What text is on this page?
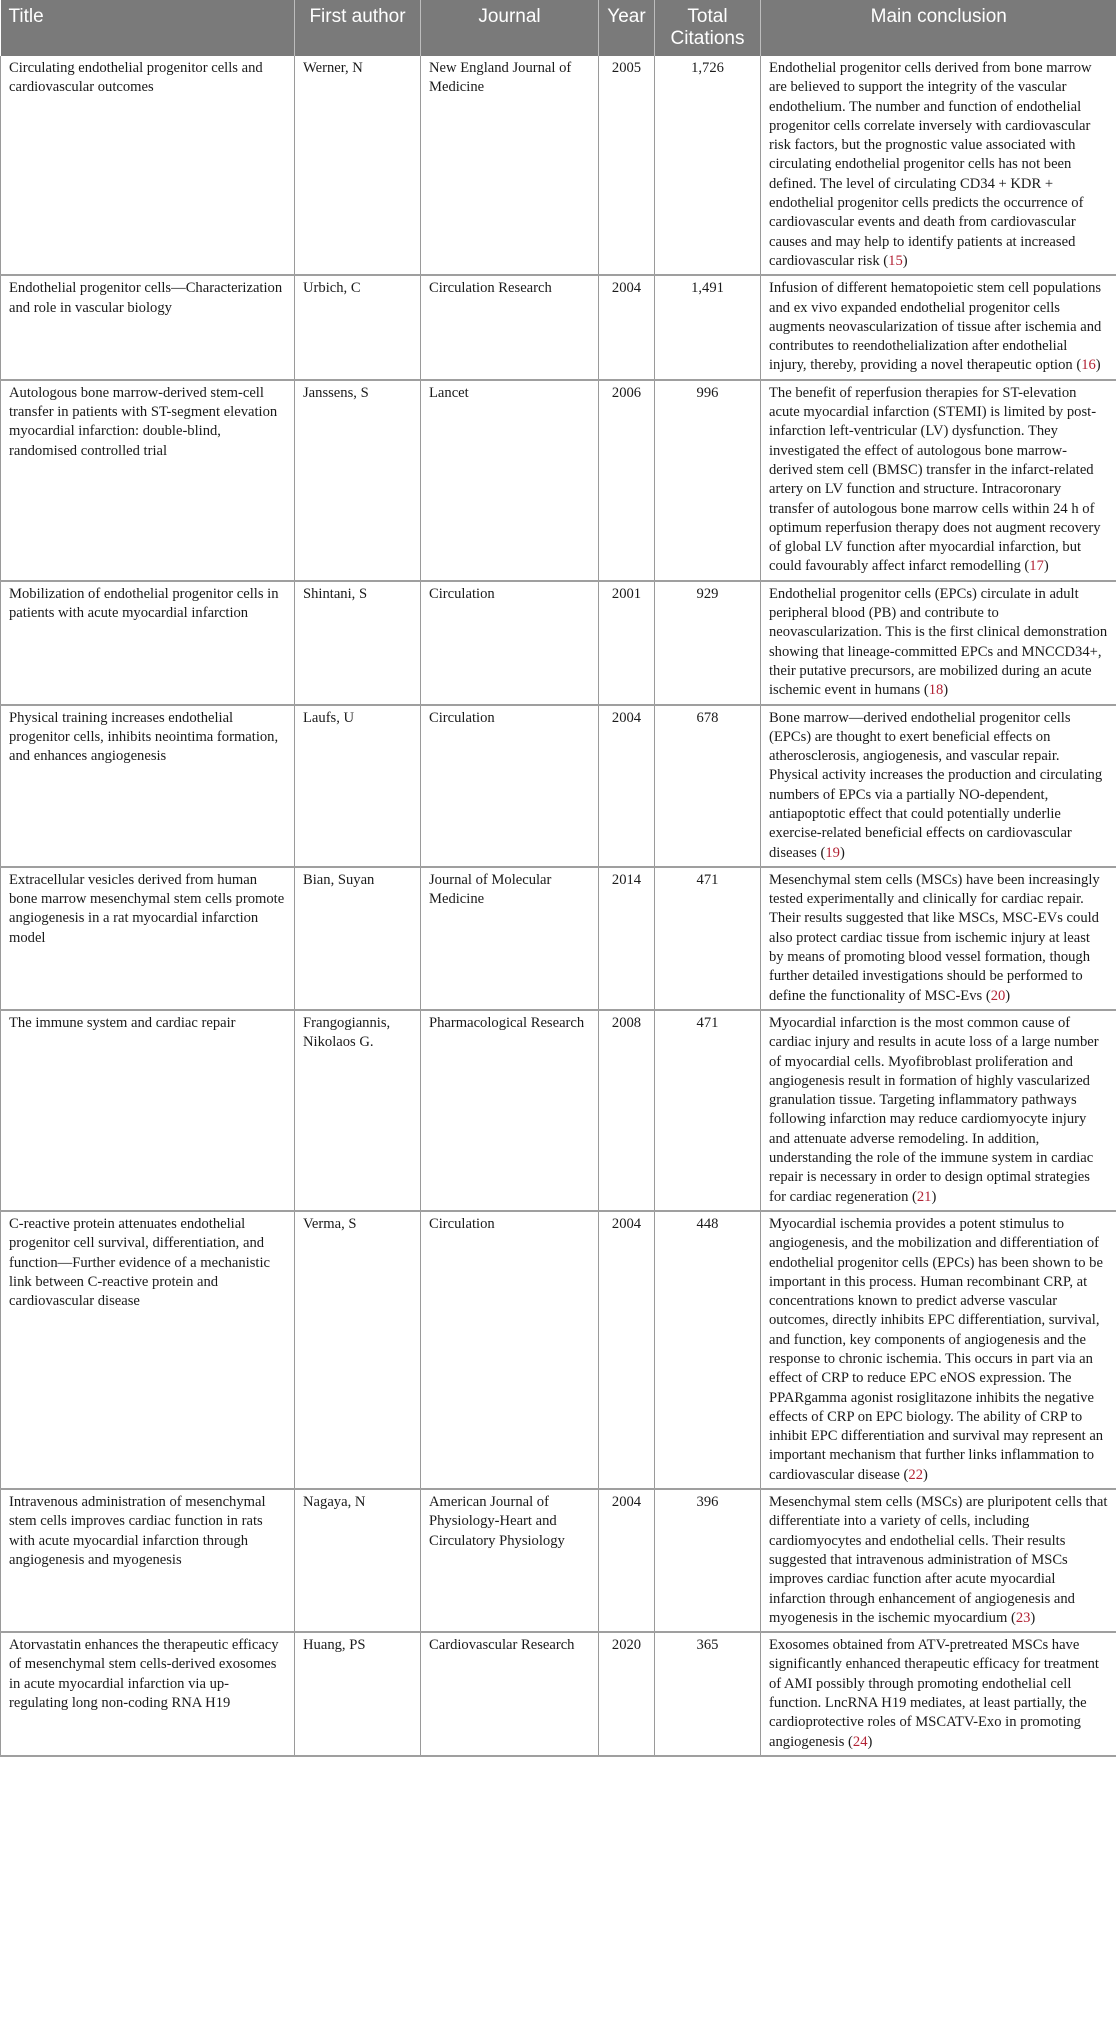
Title	First author	Journal	Year	Total Citations	Main conclusion
Circulating endothelial progenitor cells and cardiovascular outcomes	Werner, N	New England Journal of Medicine	2005	1,726	Endothelial progenitor cells derived from bone marrow are believed to support the integrity of the vascular endothelium. The number and function of endothelial progenitor cells correlate inversely with cardiovascular risk factors, but the prognostic value associated with circulating endothelial progenitor cells has not been defined. The level of circulating CD34 + KDR + endothelial progenitor cells predicts the occurrence of cardiovascular events and death from cardiovascular causes and may help to identify patients at increased cardiovascular risk (15)
Endothelial progenitor cells—Characterization and role in vascular biology	Urbich, C	Circulation Research	2004	1,491	Infusion of different hematopoietic stem cell populations and ex vivo expanded endothelial progenitor cells augments neovascularization of tissue after ischemia and contributes to reendothelialization after endothelial injury, thereby, providing a novel therapeutic option (16)
Autologous bone marrow-derived stem-cell transfer in patients with ST-segment elevation myocardial infarction: double-blind, randomised controlled trial	Janssens, S	Lancet	2006	996	The benefit of reperfusion therapies for ST-elevation acute myocardial infarction (STEMI) is limited by post-infarction left-ventricular (LV) dysfunction. They investigated the effect of autologous bone marrow-derived stem cell (BMSC) transfer in the infarct-related artery on LV function and structure. Intracoronary transfer of autologous bone marrow cells within 24 h of optimum reperfusion therapy does not augment recovery of global LV function after myocardial infarction, but could favourably affect infarct remodelling (17)
Mobilization of endothelial progenitor cells in patients with acute myocardial infarction	Shintani, S	Circulation	2001	929	Endothelial progenitor cells (EPCs) circulate in adult peripheral blood (PB) and contribute to neovascularization. This is the first clinical demonstration showing that lineage-committed EPCs and MNCCD34+, their putative precursors, are mobilized during an acute ischemic event in humans (18)
Physical training increases endothelial progenitor cells, inhibits neointima formation, and enhances angiogenesis	Laufs, U	Circulation	2004	678	Bone marrow—derived endothelial progenitor cells (EPCs) are thought to exert beneficial effects on atherosclerosis, angiogenesis, and vascular repair. Physical activity increases the production and circulating numbers of EPCs via a partially NO-dependent, antiapoptotic effect that could potentially underlie exercise-related beneficial effects on cardiovascular diseases (19)
Extracellular vesicles derived from human bone marrow mesenchymal stem cells promote angiogenesis in a rat myocardial infarction model	Bian, Suyan	Journal of Molecular Medicine	2014	471	Mesenchymal stem cells (MSCs) have been increasingly tested experimentally and clinically for cardiac repair. Their results suggested that like MSCs, MSC-EVs could also protect cardiac tissue from ischemic injury at least by means of promoting blood vessel formation, though further detailed investigations should be performed to define the functionality of MSC-Evs (20)
The immune system and cardiac repair	Frangogiannis, Nikolaos G.	Pharmacological Research	2008	471	Myocardial infarction is the most common cause of cardiac injury and results in acute loss of a large number of myocardial cells. Myofibroblast proliferation and angiogenesis result in formation of highly vascularized granulation tissue. Targeting inflammatory pathways following infarction may reduce cardiomyocyte injury and attenuate adverse remodeling. In addition, understanding the role of the immune system in cardiac repair is necessary in order to design optimal strategies for cardiac regeneration (21)
C-reactive protein attenuates endothelial progenitor cell survival, differentiation, and function—Further evidence of a mechanistic link between C-reactive protein and cardiovascular disease	Verma, S	Circulation	2004	448	Myocardial ischemia provides a potent stimulus to angiogenesis, and the mobilization and differentiation of endothelial progenitor cells (EPCs) has been shown to be important in this process. Human recombinant CRP, at concentrations known to predict adverse vascular outcomes, directly inhibits EPC differentiation, survival, and function, key components of angiogenesis and the response to chronic ischemia. This occurs in part via an effect of CRP to reduce EPC eNOS expression. The PPARgamma agonist rosiglitazone inhibits the negative effects of CRP on EPC biology. The ability of CRP to inhibit EPC differentiation and survival may represent an important mechanism that further links inflammation to cardiovascular disease (22)
Intravenous administration of mesenchymal stem cells improves cardiac function in rats with acute myocardial infarction through angiogenesis and myogenesis	Nagaya, N	American Journal of Physiology-Heart and Circulatory Physiology	2004	396	Mesenchymal stem cells (MSCs) are pluripotent cells that differentiate into a variety of cells, including cardiomyocytes and endothelial cells. Their results suggested that intravenous administration of MSCs improves cardiac function after acute myocardial infarction through enhancement of angiogenesis and myogenesis in the ischemic myocardium (23)
Atorvastatin enhances the therapeutic efficacy of mesenchymal stem cells-derived exosomes in acute myocardial infarction via up-regulating long non-coding RNA H19	Huang, PS	Cardiovascular Research	2020	365	Exosomes obtained from ATV-pretreated MSCs have significantly enhanced therapeutic efficacy for treatment of AMI possibly through promoting endothelial cell function. LncRNA H19 mediates, at least partially, the cardioprotective roles of MSCATV-Exo in promoting angiogenesis (24)
